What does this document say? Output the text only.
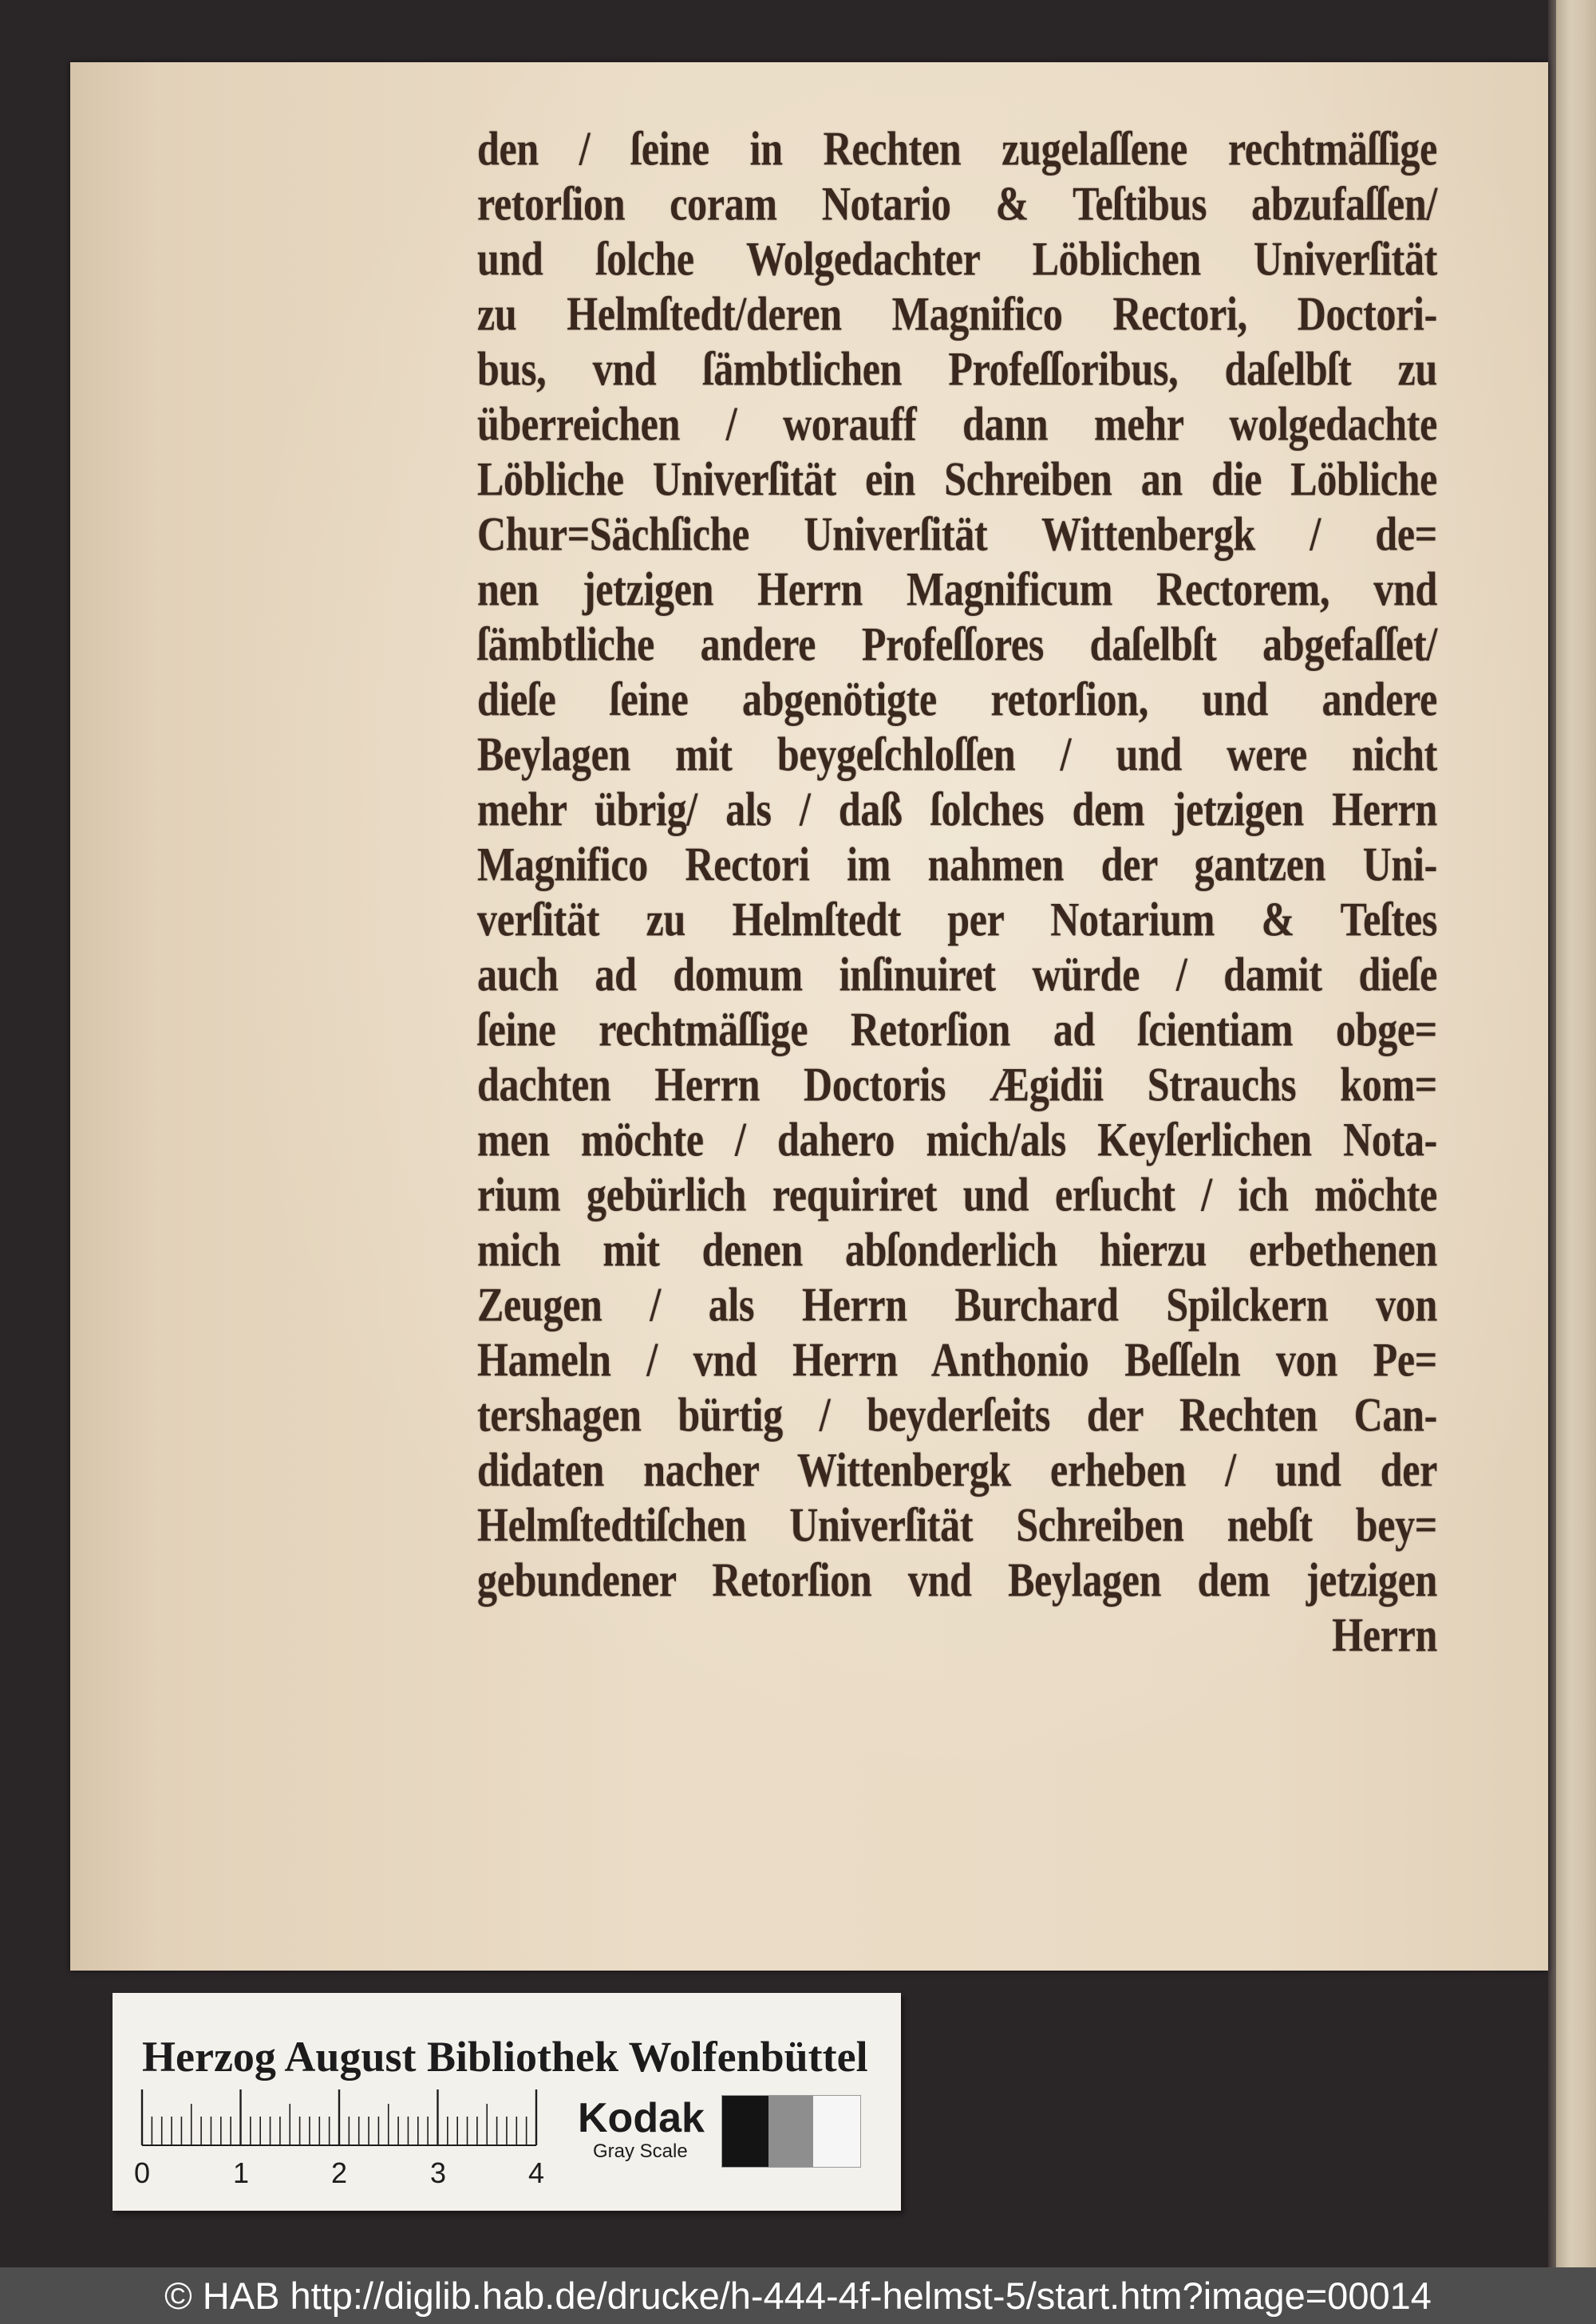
den / ſeine in Rechten zugelaſſene rechtmäſſige
retorſion coram Notario & Teſtibus abzufaſſen/
und ſolche Wolgedachter Löblichen Univerſität
zu Helmſtedt/deren Magnifico Rectori, Doctori-
bus, vnd ſämbtlichen Profeſſoribus, daſelbſt zu
überreichen / worauff dann mehr wolgedachte
Löbliche Univerſität ein Schreiben an die Löbliche
Chur=Sächſiche Univerſität Wittenbergk / de=
nen jetzigen Herrn Magnificum Rectorem, vnd
ſämbtliche andere Profeſſores daſelbſt abgefaſſet/
dieſe ſeine abgenötigte retorſion, und andere
Beylagen mit beygeſchloſſen / und were nicht
mehr übrig/ als / daß ſolches dem jetzigen Herrn
Magnifico Rectori im nahmen der gantzen Uni-
verſität zu Helmſtedt per Notarium & Teſtes
auch ad domum inſinuiret würde / damit dieſe
ſeine rechtmäſſige Retorſion ad ſcientiam obge=
dachten Herrn Doctoris Ægidii Strauchs kom=
men möchte / dahero mich/als Keyſerlichen Nota-
rium gebürlich requiriret und erſucht / ich möchte
mich mit denen abſonderlich hierzu erbethenen
Zeugen / als Herrn Burchard Spilckern von
Hameln / vnd Herrn Anthonio Beſſeln von Pe=
tershagen bürtig / beyderſeits der Rechten Can-
didaten nacher Wittenbergk erheben / und der
Helmſtedtiſchen Univerſität Schreiben nebſt bey=
gebundener Retorſion vnd Beylagen dem jetzigen
Herrn
Herzog August Bibliothek Wolfenbüttel
0	1	2	3	4
Kodak
Gray Scale
© HAB http://diglib.hab.de/drucke/h-444-4f-helmst-5/start.htm?image=00014
